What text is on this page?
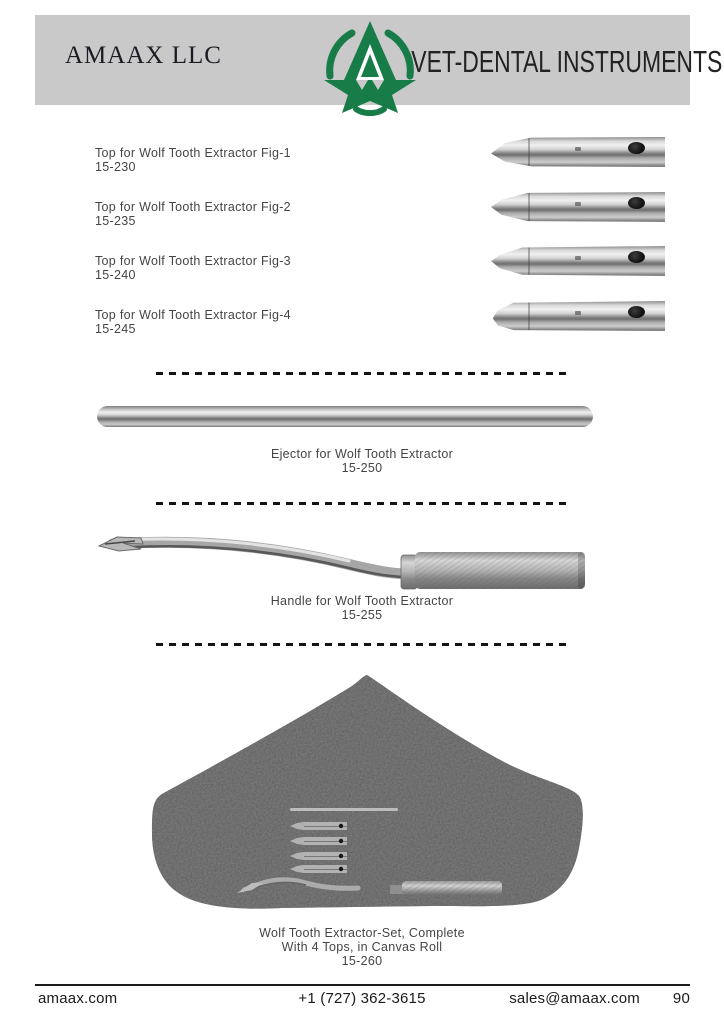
AMAAX LLC	VET-DENTAL INSTRUMENTS
Top for Wolf Tooth Extractor Fig-1
15-230
Top for Wolf Tooth Extractor Fig-2
15-235
Top for Wolf Tooth Extractor Fig-3
15-240
Top for Wolf Tooth Extractor Fig-4
15-245
Ejector for Wolf Tooth Extractor
15-250
Handle for Wolf Tooth Extractor
15-255
Wolf Tooth Extractor-Set, Complete
With 4 Tops, in Canvas Roll
15-260
amaax.com	+1 (727) 362-3615	sales@amaax.com 90
